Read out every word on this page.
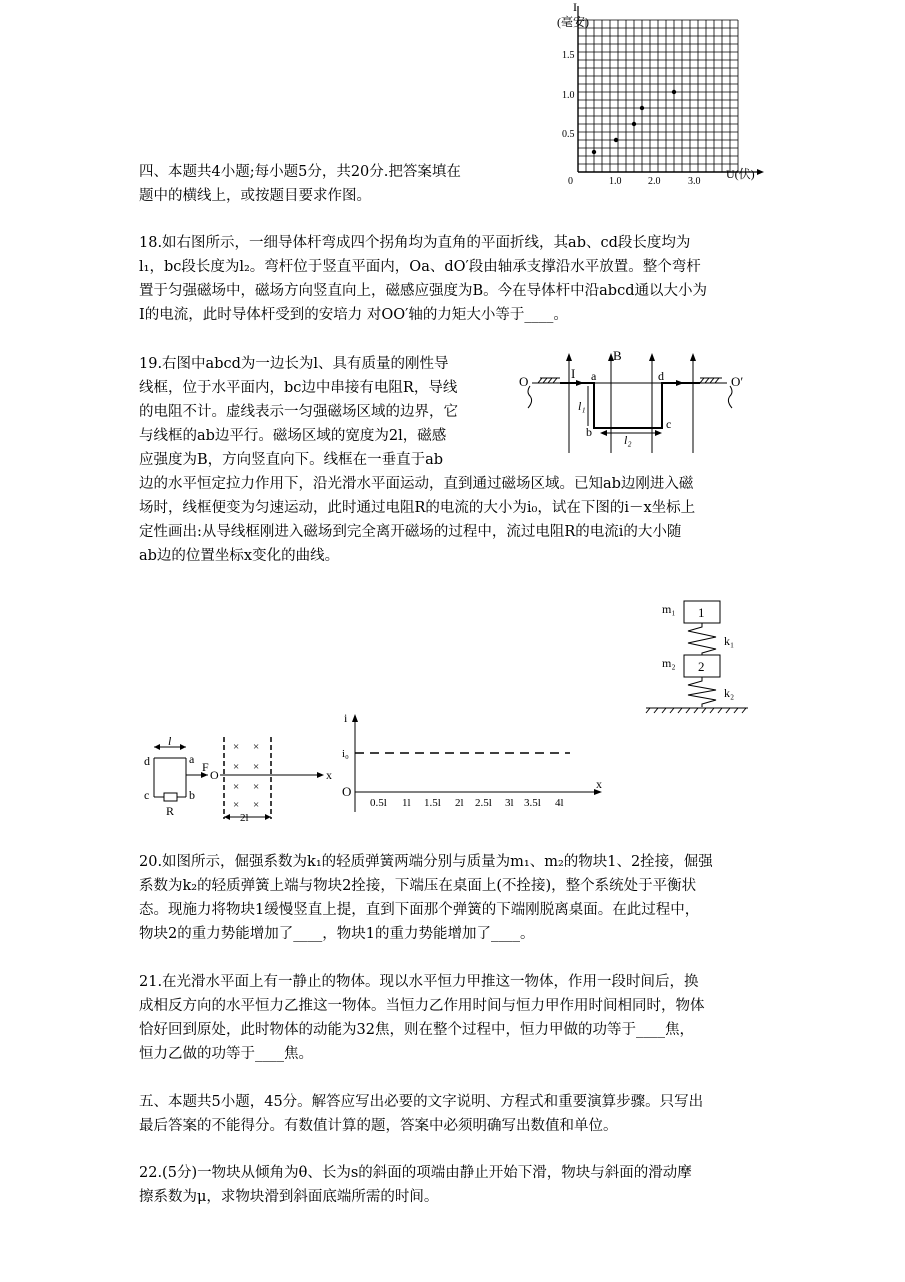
I
(毫安)
1.5
1.0
0.5
0	1.0	2.0	3.0
U(伏)
四、本题共4小题;每小题5分，共20分.把答案填在
题中的横线上，或按题目要求作图。
18.如右图所示，一细导体杆弯成四个拐角均为直角的平面折线，其ab、cd段长度均为
l₁，bc段长度为l₂。弯杆位于竖直平面内，Oa、dO′段由轴承支撑沿水平放置。整个弯杆
置于匀强磁场中，磁场方向竖直向上，磁感应强度为B。今在导体杆中沿abcd通以大小为
I的电流，此时导体杆受到的安培力 对OO′轴的力矩大小等于____。
19.右图中abcd为一边长为l、具有质量的刚性导
线框，位于水平面内，bc边中串接有电阻R，导线
的电阻不计。虚线表示一匀强磁场区域的边界，它
与线框的ab边平行。磁场区域的宽度为2l，磁感
应强度为B，方向竖直向下。线框在一垂直于ab
边的水平恒定拉力作用下，沿光滑水平面运动，直到通过磁场区域。已知ab边刚进入磁
场时，线框便变为匀速运动，此时通过电阻R的电流的大小为i₀，试在下图的i－x坐标上
定性画出:从导线框刚进入磁场到完全离开磁场的过程中，流过电阻R的电流i的大小随
ab边的位置坐标x变化的曲线。
O	O′
I
B
a
b
c
d
l₁
l₂
m₁ 1
k₁
m₂ 2
k₂
× ×
× ×
× ×
× ×
d	a
c	b
R
F
O	x
l
2l
i
i₀
O	x
0.5l 1l 1.5l 2l 2.5l 3l 3.5l 4l
20.如图所示，倔强系数为k₁的轻质弹簧两端分别与质量为m₁、m₂的物块1、2拴接，倔强
系数为k₂的轻质弹簧上端与物块2拴接，下端压在桌面上(不拴接)，整个系统处于平衡状
态。现施力将物块1缓慢竖直上提，直到下面那个弹簧的下端刚脱离桌面。在此过程中，
物块2的重力势能增加了____，物块1的重力势能增加了____。
21.在光滑水平面上有一静止的物体。现以水平恒力甲推这一物体，作用一段时间后，换
成相反方向的水平恒力乙推这一物体。当恒力乙作用时间与恒力甲作用时间相同时，物体
恰好回到原处，此时物体的动能为32焦，则在整个过程中，恒力甲做的功等于____焦，
恒力乙做的功等于____焦。
五、本题共5小题，45分。解答应写出必要的文字说明、方程式和重要演算步骤。只写出
最后答案的不能得分。有数值计算的题，答案中必须明确写出数值和单位。
22.(5分)一物块从倾角为θ、长为s的斜面的项端由静止开始下滑，物块与斜面的滑动摩
擦系数为μ，求物块滑到斜面底端所需的时间。
